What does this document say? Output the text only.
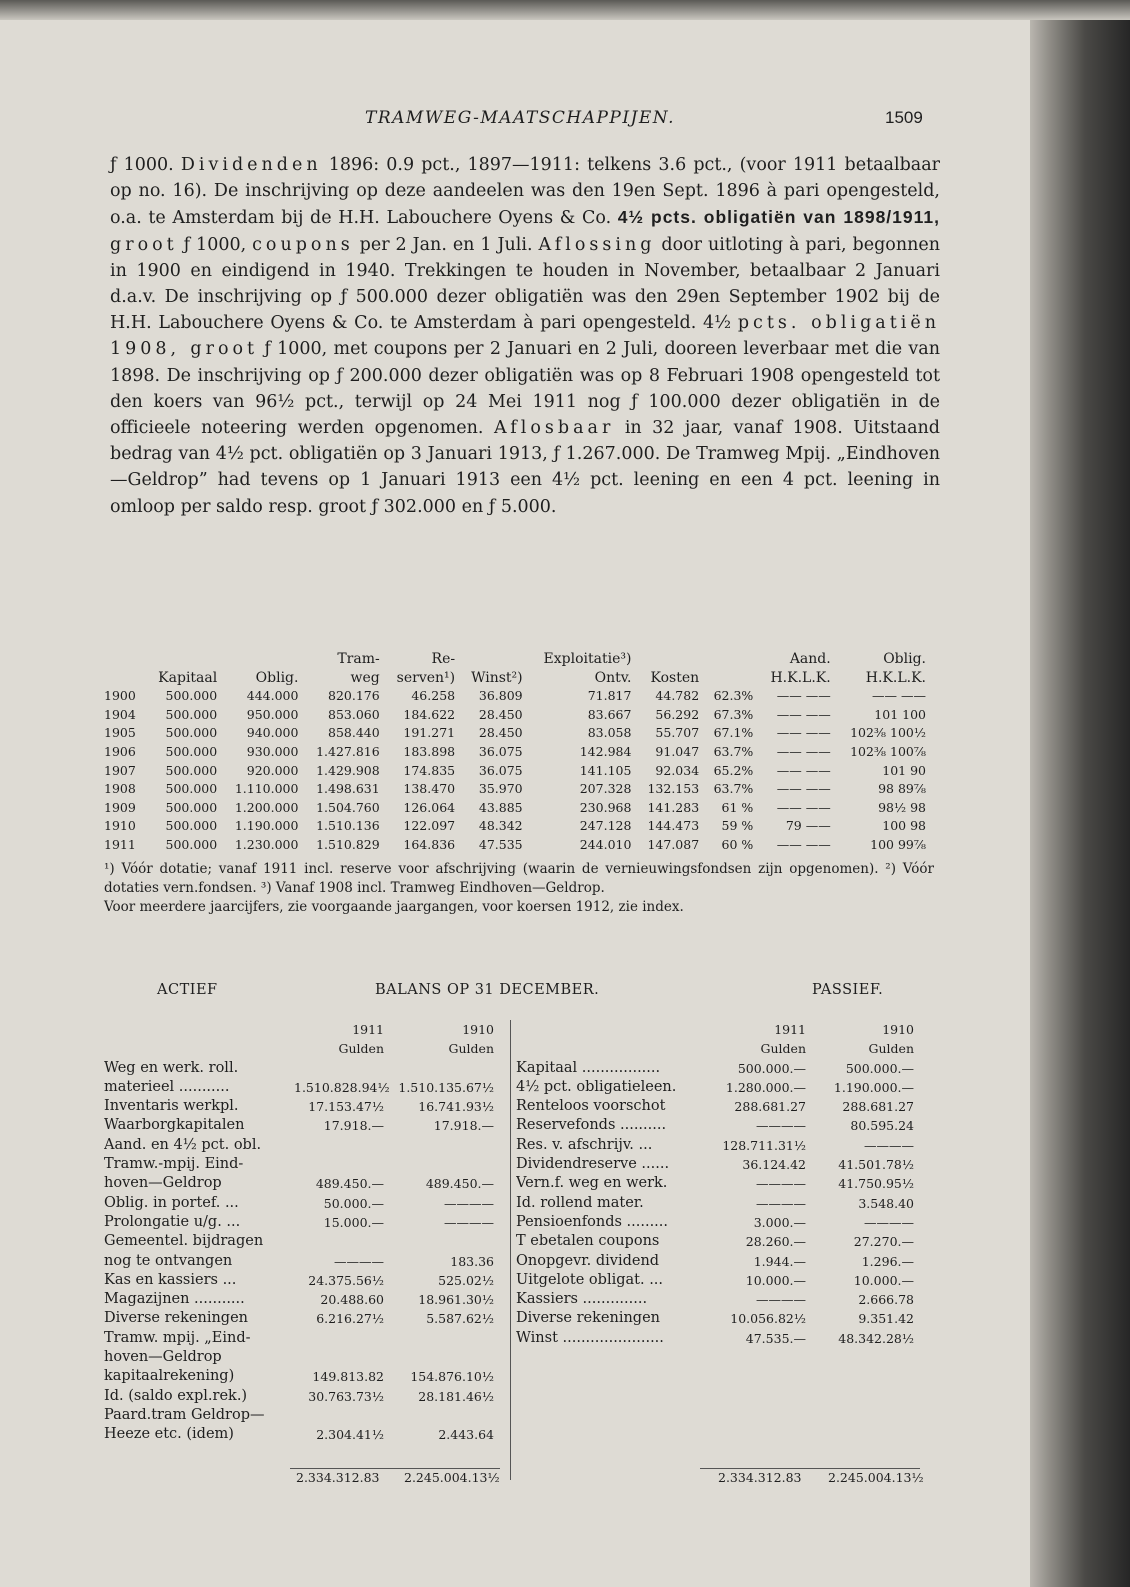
TRAMWEG-MAATSCHAPPIJEN.	1509

ƒ 1000. Dividenden 1896: 0.9 pct., 1897—1911: telkens 3.6 pct., (voor 1911 betaalbaar op no. 16). De inschrijving op deze aandeelen was den 19en Sept. 1896 à pari opengesteld, o.a. te Amsterdam bij de H.H. Labouchere Oyens & Co. 4½ pcts. obligatiën van 1898/1911, groot ƒ 1000, coupons per 2 Jan. en 1 Juli. Aflossing door uitloting à pari, begonnen in 1900 en eindigend in 1940. Trekkingen te houden in November, betaalbaar 2 Januari d.a.v. De inschrijving op ƒ 500.000 dezer obligatiën was den 29en September 1902 bij de H.H. Labouchere Oyens & Co. te Amsterdam à pari opengesteld. 4½ pcts. obligatiën 1908, groot ƒ 1000, met coupons per 2 Januari en 2 Juli, dooreen leverbaar met die van 1898. De inschrijving op ƒ 200.000 dezer obligatiën was op 8 Februari 1908 opengesteld tot den koers van 96½ pct., terwijl op 24 Mei 1911 nog ƒ 100.000 dezer obligatiën in de officieele noteering werden opgenomen. Aflosbaar in 32 jaar, vanaf 1908. Uitstaand bedrag van 4½ pct. obligatiën op 3 Januari 1913, ƒ 1.267.000. De Tramweg Mpij. „Eindhoven—Geldrop” had tevens op 1 Januari 1913 een 4½ pct. leening en een 4 pct. leening in omloop per saldo resp. groot ƒ 302.000 en ƒ 5.000.

			Tram-	Re-		Exploitatie³)			Aand.	Oblig.
	Kapitaal	Oblig.	weg	serven¹)	Winst²)	Ontv.	Kosten		H.K.L.K.	H.K.L.K.
1900	500.000	444.000	820.176	46.258	36.809	71.817	44.782	62.3%	—— ——	—— ——
1904	500.000	950.000	853.060	184.622	28.450	83.667	56.292	67.3%	—— ——	101 100
1905	500.000	940.000	858.440	191.271	28.450	83.058	55.707	67.1%	—— ——	102⅜ 100½
1906	500.000	930.000	1.427.816	183.898	36.075	142.984	91.047	63.7%	—— ——	102⅜ 100⅞
1907	500.000	920.000	1.429.908	174.835	36.075	141.105	92.034	65.2%	—— ——	101 90
1908	500.000	1.110.000	1.498.631	138.470	35.970	207.328	132.153	63.7%	—— ——	98 89⅞
1909	500.000	1.200.000	1.504.760	126.064	43.885	230.968	141.283	61 %	—— ——	98½ 98
1910	500.000	1.190.000	1.510.136	122.097	48.342	247.128	144.473	59 %	79 ——	100 98
1911	500.000	1.230.000	1.510.829	164.836	47.535	244.010	147.087	60 %	—— ——	100 99⅞

¹) Vóór dotatie; vanaf 1911 incl. reserve voor afschrijving (waarin de vernieuwingsfondsen zijn opgenomen). ²) Vóór dotaties vern.fondsen. ³) Vanaf 1908 incl. Tramweg Eindhoven—Geldrop.

Voor meerdere jaarcijfers, zie voorgaande jaargangen, voor koersen 1912, zie index.

ACTIEF	BALANS OP 31 DECEMBER.	PASSIEF.
1911	1910
Gulden	Gulden
Weg en werk. roll.
materieel ...........	1.510.828.94½ 1.510.135.67½
Inventaris werkpl.	17.153.47½	16.741.93½
Waarborgkapitalen	17.918.—	17.918.—
Aand. en 4½ pct. obl.
Tramw.-mpij. Eind-
hoven—Geldrop	489.450.—	489.450.—
Oblig. in portef. ...	50.000.—	————
Prolongatie u/g. ...	15.000.—	————
Gemeentel. bijdragen
nog te ontvangen	————	183.36
Kas en kassiers ...	24.375.56½	525.02½
Magazijnen ...........	20.488.60	18.961.30½
Diverse rekeningen	6.216.27½	5.587.62½
Tramw. mpij. „Eind-
hoven—Geldrop
kapitaalrekening)	149.813.82	154.876.10½
Id. (saldo expl.rek.)	30.763.73½	28.181.46½
Paard.tram Geldrop—
Heeze etc. (idem)	2.304.41½	2.443.64
1911	1910
Gulden	Gulden
Kapitaal .................	500.000.—	500.000.—
4½ pct. obligatieleen.	1.280.000.—	1.190.000.—
Renteloos voorschot	288.681.27	288.681.27
Reservefonds ..........	————	80.595.24
Res. v. afschrijv. ...	128.711.31½	————
Dividendreserve ......	36.124.42	41.501.78½
Vern.f. weg en werk.	————	41.750.95½
Id. rollend mater.	————	3.548.40
Pensioenfonds .........	3.000.—	————
T ebetalen coupons	28.260.—	27.270.—
Onopgevr. dividend	1.944.—	1.296.—
Uitgelote obligat. ...	10.000.—	10.000.—
Kassiers ..............	————	2.666.78
Diverse rekeningen	10.056.82½	9.351.42
Winst ......................	47.535.—	48.342.28½
2.334.312.83 2.245.004.13½	2.334.312.83 2.245.004.13½
